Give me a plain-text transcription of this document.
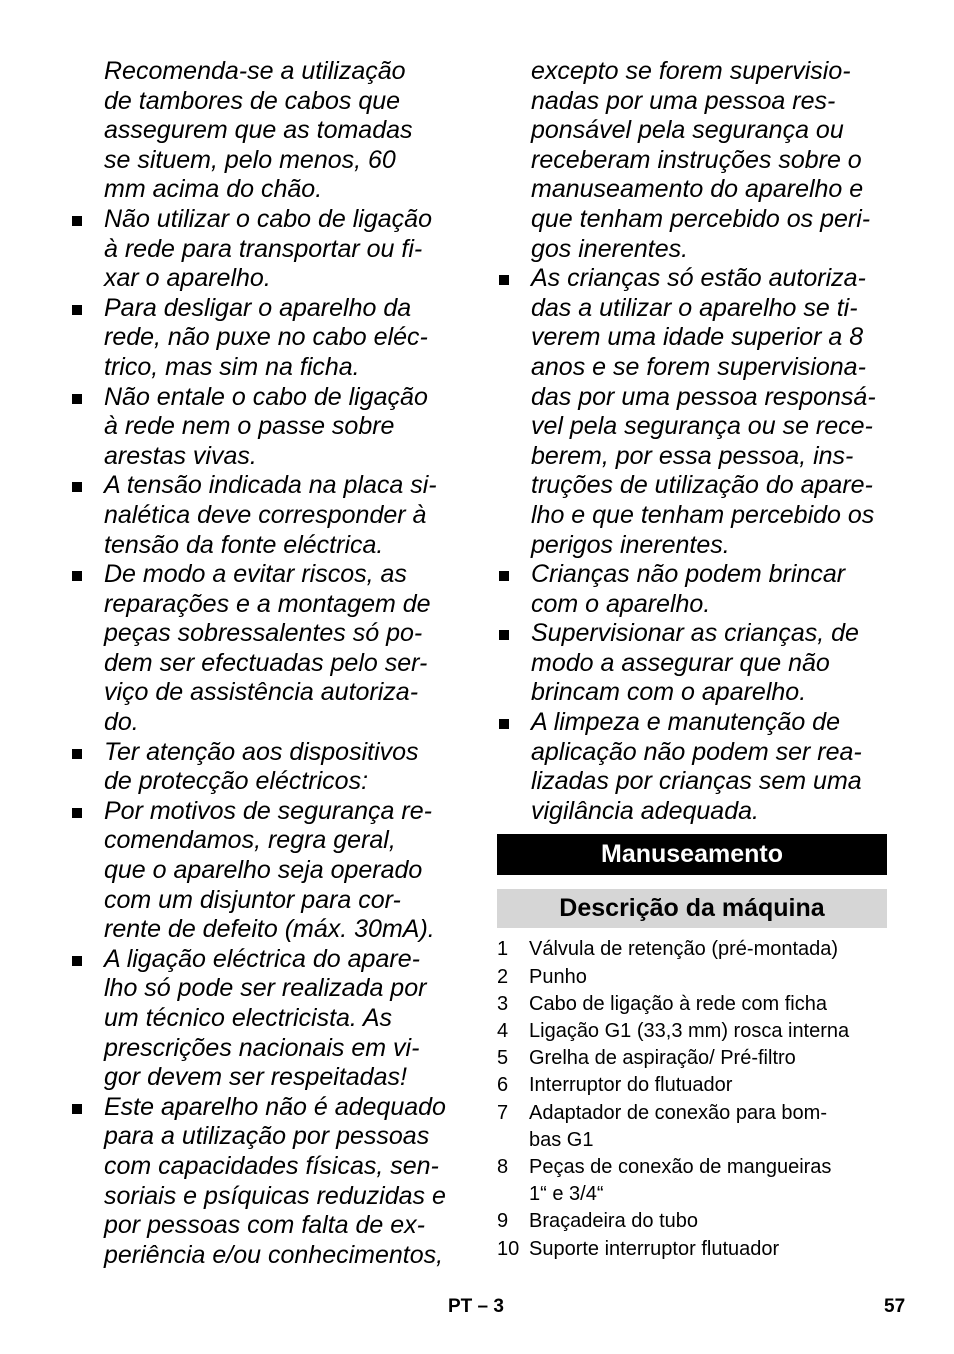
Recomenda-se a utilização
de tambores de cabos que
assegurem que as tomadas
se situem, pelo menos, 60
mm acima do chão.

Não utilizar o cabo de ligação
à rede para transportar ou fi-
xar o aparelho.

Para desligar o aparelho da
rede, não puxe no cabo eléc-
trico, mas sim na ficha.

Não entale o cabo de ligação
à rede nem o passe sobre
arestas vivas.

A tensão indicada na placa si-
nalética deve corresponder à
tensão da fonte eléctrica.

De modo a evitar riscos, as
reparações e a montagem de
peças sobressalentes só po-
dem ser efectuadas pelo ser-
viço de assistência autoriza-
do.

Ter atenção aos dispositivos
de protecção eléctricos:

Por motivos de segurança re-
comendamos, regra geral,
que o aparelho seja operado
com um disjuntor para cor-
rente de defeito (máx. 30mA).

A ligação eléctrica do apare-
lho só pode ser realizada por
um técnico electricista. As
prescrições nacionais em vi-
gor devem ser respeitadas!

Este aparelho não é adequado
para a utilização por pessoas
com capacidades físicas, sen-
soriais e psíquicas reduzidas e
por pessoas com falta de ex-
periência e/ou conhecimentos,

excepto se forem supervisio-
nadas por uma pessoa res-
ponsável pela segurança ou
receberam instruções sobre o
manuseamento do aparelho e
que tenham percebido os peri-
gos inerentes.

As crianças só estão autoriza-
das a utilizar o aparelho se ti-
verem uma idade superior a 8
anos e se forem supervisiona-
das por uma pessoa responsá-
vel pela segurança ou se rece-
berem, por essa pessoa, ins-
truções de utilização do apare-
lho e que tenham percebido os
perigos inerentes.

Crianças não podem brincar
com o aparelho.

Supervisionar as crianças, de
modo a assegurar que não
brincam com o aparelho.

A limpeza e manutenção de
aplicação não podem ser rea-
lizadas por crianças sem uma
vigilância adequada.

Manuseamento
Descrição da máquina
1	Válvula de retenção (pré-montada)
2	Punho
3	Cabo de ligação à rede com ficha
4	Ligação G1 (33,3 mm) rosca interna
5	Grelha de aspiração/ Pré-filtro
6	Interruptor do flutuador
7	Adaptador de conexão para bom-
bas G1
8	Peças de conexão de mangueiras
1“ e 3/4“
9	Braçadeira do tubo
10 Suporte interruptor flutuador
PT – 3	57
